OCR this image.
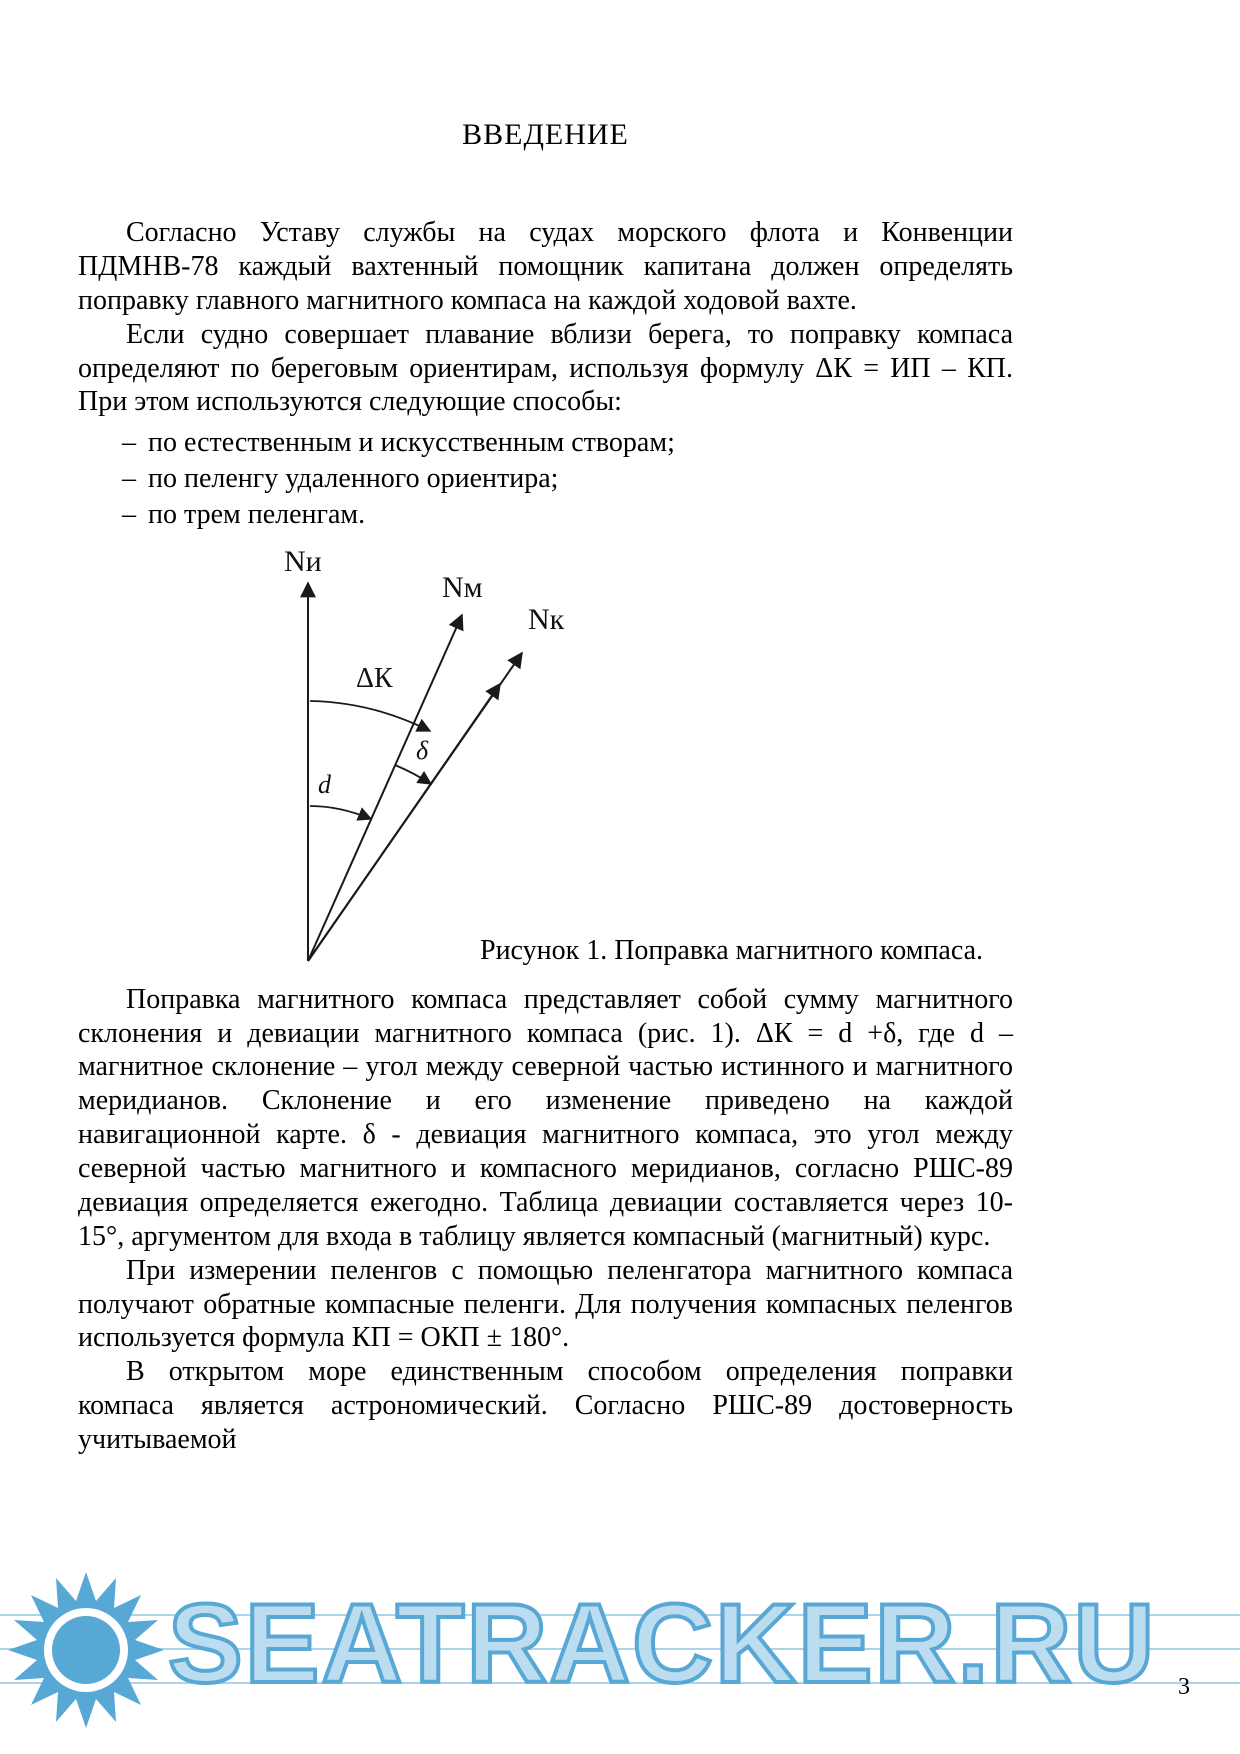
ВВЕДЕНИЕ

Согласно Уставу службы на судах морского флота и Конвенции ПДМНВ-78 каждый вахтенный помощник капитана должен определять поправку главного магнитного компаса на каждой ходовой вахте.

Если судно совершает плавание вблизи берега, то поправку компаса определяют по береговым ориентирам, используя формулу ΔК = ИП – КП. При этом используются следующие способы:

– по естественным и искусственным створам;
– по пеленгу удаленного ориентира;
– по трем пеленгам.
Nи
Nм
Nк
ΔК
δ
d
Рисунок 1. Поправка магнитного компаса.

Поправка магнитного компаса представляет собой сумму магнитного склонения и девиации магнитного компаса (рис. 1). ΔК = d +δ, где d – магнитное склонение – угол между северной частью истинного и магнитного меридианов. Склонение и его изменение приведено на каждой навигационной карте. δ - девиация магнитного компаса, это угол между северной частью магнитного и компасного меридианов, согласно РШС-89 девиация определяется ежегодно. Таблица девиации составляется через 10-15°, аргументом для входа в таблицу является компасный (магнитный) курс.

При измерении пеленгов с помощью пеленгатора магнитного компаса получают обратные компасные пеленги. Для получения компасных пеленгов используется формула КП = ОКП ± 180°.

В открытом море единственным способом определения поправки компаса является астрономический. Согласно РШС-89 достоверность учитываемой

SEATRACKER.RU 3
